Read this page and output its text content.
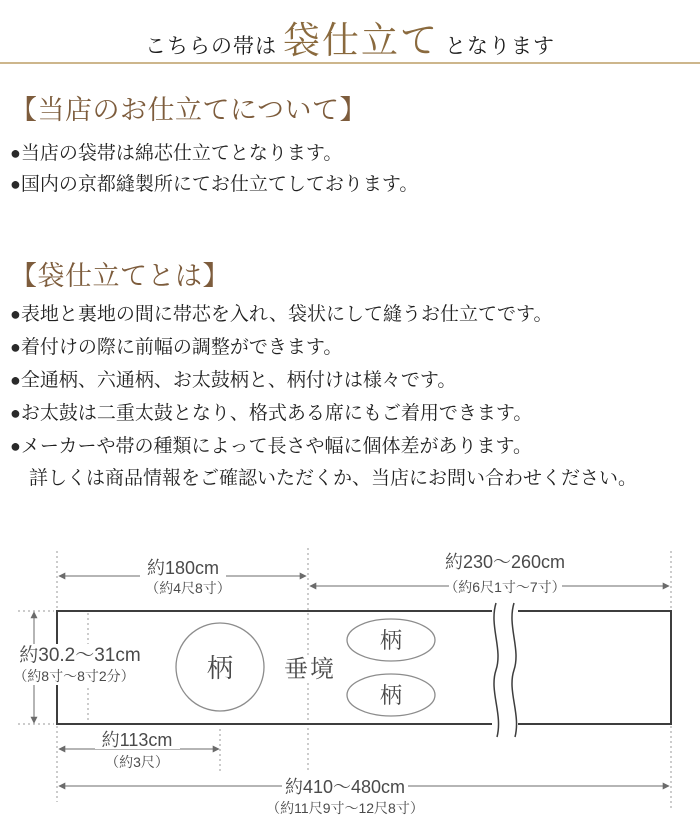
こちらの帯は 袋仕立て となります
【当店のお仕立てについて】
●当店の袋帯は綿芯仕立てとなります。
●国内の京都縫製所にてお仕立てしております。
【袋仕立てとは】
●表地と裏地の間に帯芯を入れ、袋状にして縫うお仕立てです。
●着付けの際に前幅の調整ができます。
●全通柄、六通柄、お太鼓柄と、柄付けは様々です。
●お太鼓は二重太鼓となり、格式ある席にもご着用できます。
●メーカーや帯の種類によって長さや幅に個体差があります。
詳しくは商品情報をご確認いただくか、当店にお問い合わせください。
約180cm
（約4尺8寸）
約230〜260cm
（約6尺1寸〜7寸）
約30.2〜31cm
（約8寸〜8寸2分）
約113cm
（約3尺）
約410〜480cm
（約11尺9寸〜12尺8寸）
垂境
柄
柄
柄
